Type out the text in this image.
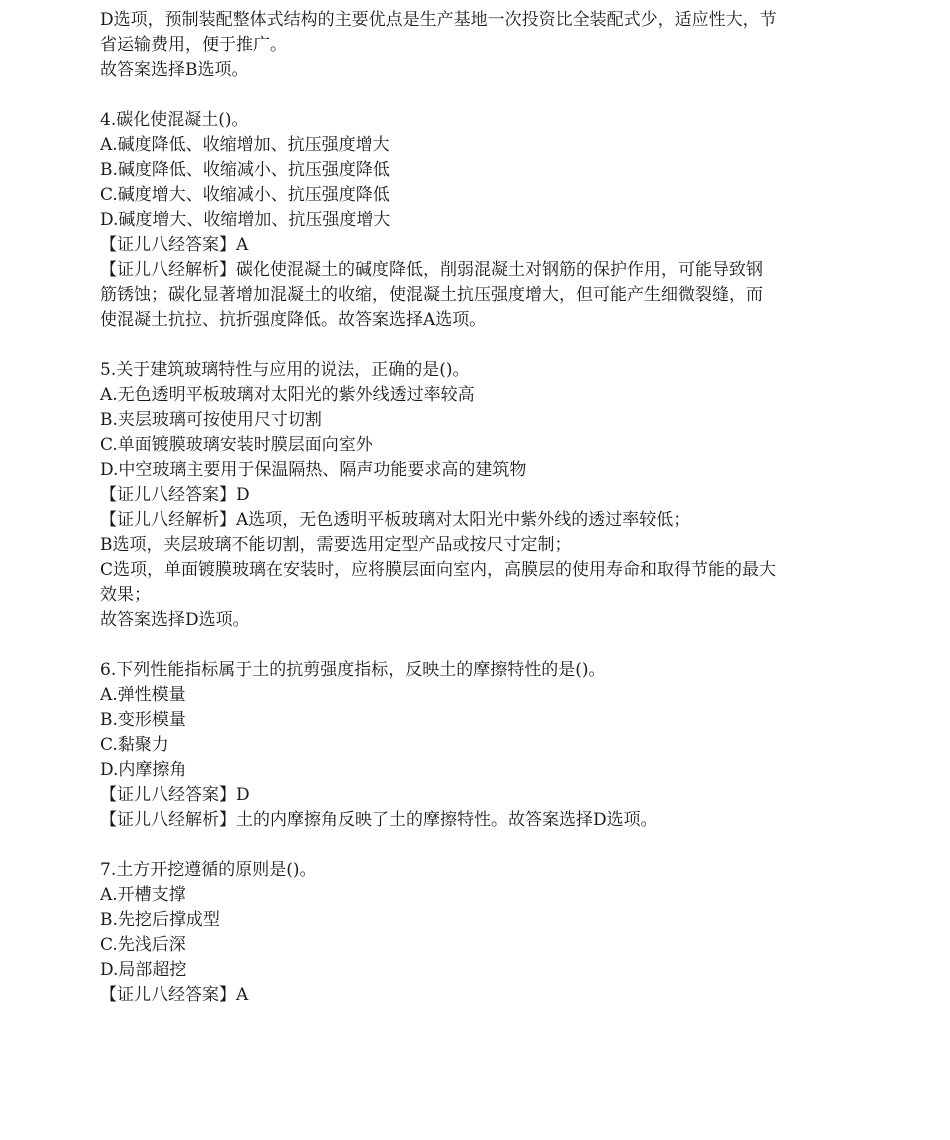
D选项，预制装配整体式结构的主要优点是生产基地一次投资比全装配式少，适应性大，节
省运输费用，便于推广。
故答案选择B选项。
4.碳化使混凝土()。
A.碱度降低、收缩增加、抗压强度增大
B.碱度降低、收缩减小、抗压强度降低
C.碱度增大、收缩减小、抗压强度降低
D.碱度增大、收缩增加、抗压强度增大
【证儿八经答案】A
【证儿八经解析】碳化使混凝土的碱度降低，削弱混凝土对钢筋的保护作用，可能导致钢
筋锈蚀；碳化显著增加混凝土的收缩，使混凝土抗压强度增大，但可能产生细微裂缝，而
使混凝土抗拉、抗折强度降低。故答案选择A选项。
5.关于建筑玻璃特性与应用的说法，正确的是()。
A.无色透明平板玻璃对太阳光的紫外线透过率较高
B.夹层玻璃可按使用尺寸切割
C.单面镀膜玻璃安装时膜层面向室外
D.中空玻璃主要用于保温隔热、隔声功能要求高的建筑物
【证儿八经答案】D
【证儿八经解析】A选项，无色透明平板玻璃对太阳光中紫外线的透过率较低；
B选项，夹层玻璃不能切割，需要选用定型产品或按尺寸定制；
C选项，单面镀膜玻璃在安装时，应将膜层面向室内，高膜层的使用寿命和取得节能的最大
效果；
故答案选择D选项。
6.下列性能指标属于土的抗剪强度指标，反映土的摩擦特性的是()。
A.弹性模量
B.变形模量
C.黏聚力
D.内摩擦角
【证儿八经答案】D
【证儿八经解析】土的内摩擦角反映了土的摩擦特性。故答案选择D选项。
7.土方开挖遵循的原则是()。
A.开槽支撑
B.先挖后撑成型
C.先浅后深
D.局部超挖
【证儿八经答案】A
